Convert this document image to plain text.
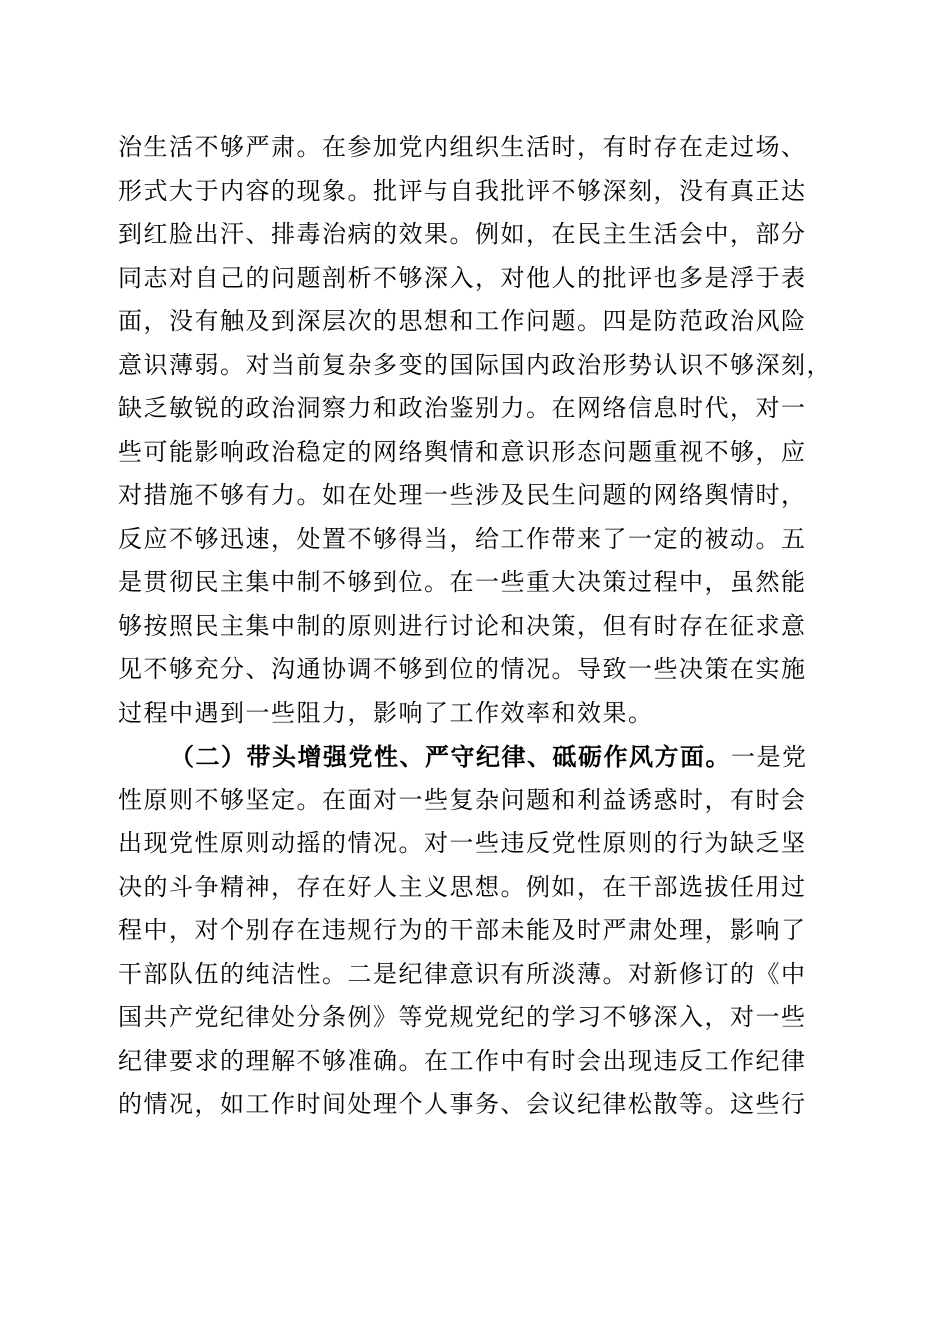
治生活不够严肃。在参加党内组织生活时，有时存在走过场、
形式大于内容的现象。批评与自我批评不够深刻，没有真正达
到红脸出汗、排毒治病的效果。例如，在民主生活会中，部分
同志对自己的问题剖析不够深入，对他人的批评也多是浮于表
面，没有触及到深层次的思想和工作问题。四是防范政治风险
意识薄弱。对当前复杂多变的国际国内政治形势认识不够深刻，
缺乏敏锐的政治洞察力和政治鉴别力。在网络信息时代，对一
些可能影响政治稳定的网络舆情和意识形态问题重视不够，应
对措施不够有力。如在处理一些涉及民生问题的网络舆情时，
反应不够迅速，处置不够得当，给工作带来了一定的被动。五
是贯彻民主集中制不够到位。在一些重大决策过程中，虽然能
够按照民主集中制的原则进行讨论和决策，但有时存在征求意
见不够充分、沟通协调不够到位的情况。导致一些决策在实施
过程中遇到一些阻力，影响了工作效率和效果。
（二）带头增强党性、严守纪律、砥砺作风方面。一是党
性原则不够坚定。在面对一些复杂问题和利益诱惑时，有时会
出现党性原则动摇的情况。对一些违反党性原则的行为缺乏坚
决的斗争精神，存在好人主义思想。例如，在干部选拔任用过
程中，对个别存在违规行为的干部未能及时严肃处理，影响了
干部队伍的纯洁性。二是纪律意识有所淡薄。对新修订的《中
国共产党纪律处分条例》等党规党纪的学习不够深入，对一些
纪律要求的理解不够准确。在工作中有时会出现违反工作纪律
的情况，如工作时间处理个人事务、会议纪律松散等。这些行
